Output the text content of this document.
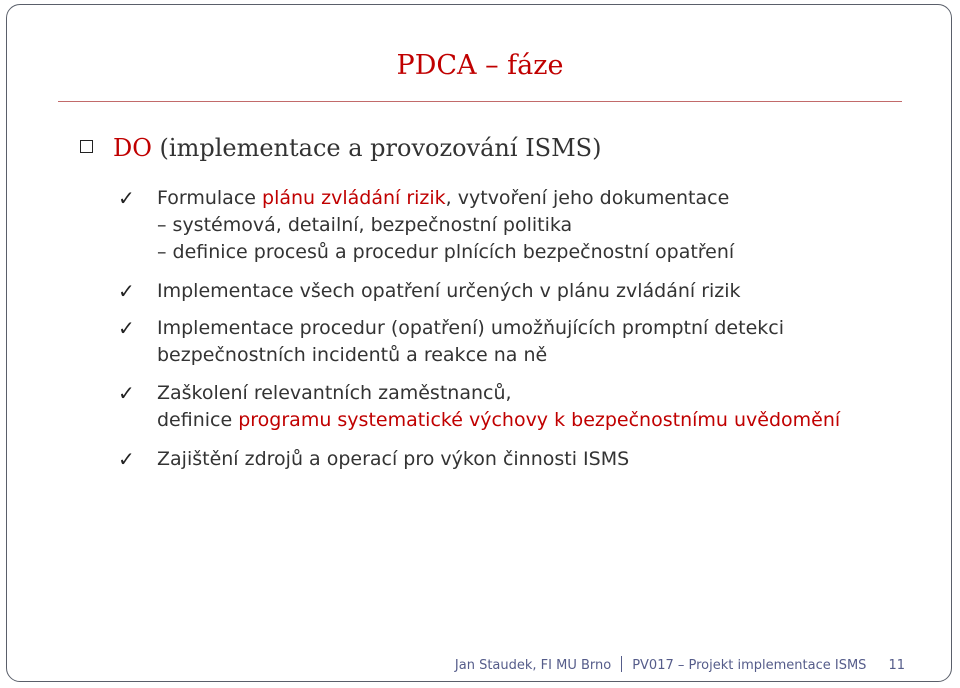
PDCA – fáze
DO (implementace a provozování ISMS)
✓ Formulace plánu zvládání rizik, vytvoření jeho dokumentace
– systémová, detailní, bezpečnostní politika
– definice procesů a procedur plnících bezpečnostní opatření
✓ Implementace všech opatření určených v plánu zvládání rizik
✓ Implementace procedur (opatření) umožňujících promptní detekci
bezpečnostních incidentů a reakce na ně
✓ Zaškolení relevantních zaměstnanců,
definice programu systematické výchovy k bezpečnostnímu uvědomění
✓ Zajištění zdrojů a operací pro výkon činnosti ISMS
Jan Staudek, FI MU Brno PV017 – Projekt implementace ISMS 11
